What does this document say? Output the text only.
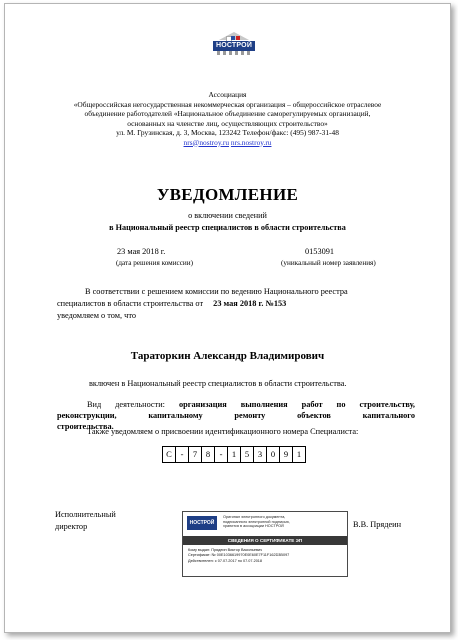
НОСТРОЙ
Ассоциация
«Общероссийская негосударственная некоммерческая организация – общероссийское отраслевое
объединение работодателей «Национальное объединение саморегулируемых организаций,
основанных на членстве лиц, осуществляющих строительство»
ул. М. Грузинская, д. 3, Москва, 123242 Телефон/факс: (495) 987-31-48
nrs@nostroy.ru nrs.nostroy.ru
УВЕДОМЛЕНИЕ
о включении сведений
в Национальный реестр специалистов в области строительства
23 мая 2018 г.
(дата решения комиссии)
0153091
(уникальный номер заявления)
В соответствии с решением комиссии по ведению Национального реестра
специалистов в области строительства от 23 мая 2018 г. №153
уведомляем о том, что
Тараторкин Александр Владимирович
включен в Национальный реестр специалистов в области строительства.
Вид деятельности: организация выполнения работ по строительству,
реконструкции, капитальному ремонту объектов капитального
строительства.
Также уведомляем о присвоении идентификационного номера Специалиста:
С	-	7	8	-	1	5	3	0	9	1
Исполнительный
директор	В.В. Прядеин
НОСТРОЙ
Оригинал электронного документа,
подписанного электронной подписью,
хранится в ассоциации НОСТРОЙ
СВЕДЕНИЯ О СЕРТИФИКАТЕ ЭП
Кому выдан: Прядеин Виктор Васильевич
Сертификат: № 00E1036619970E0E60E7F11F162D3B097
Действителен: с 07.07.2017 по 07.07.2018
